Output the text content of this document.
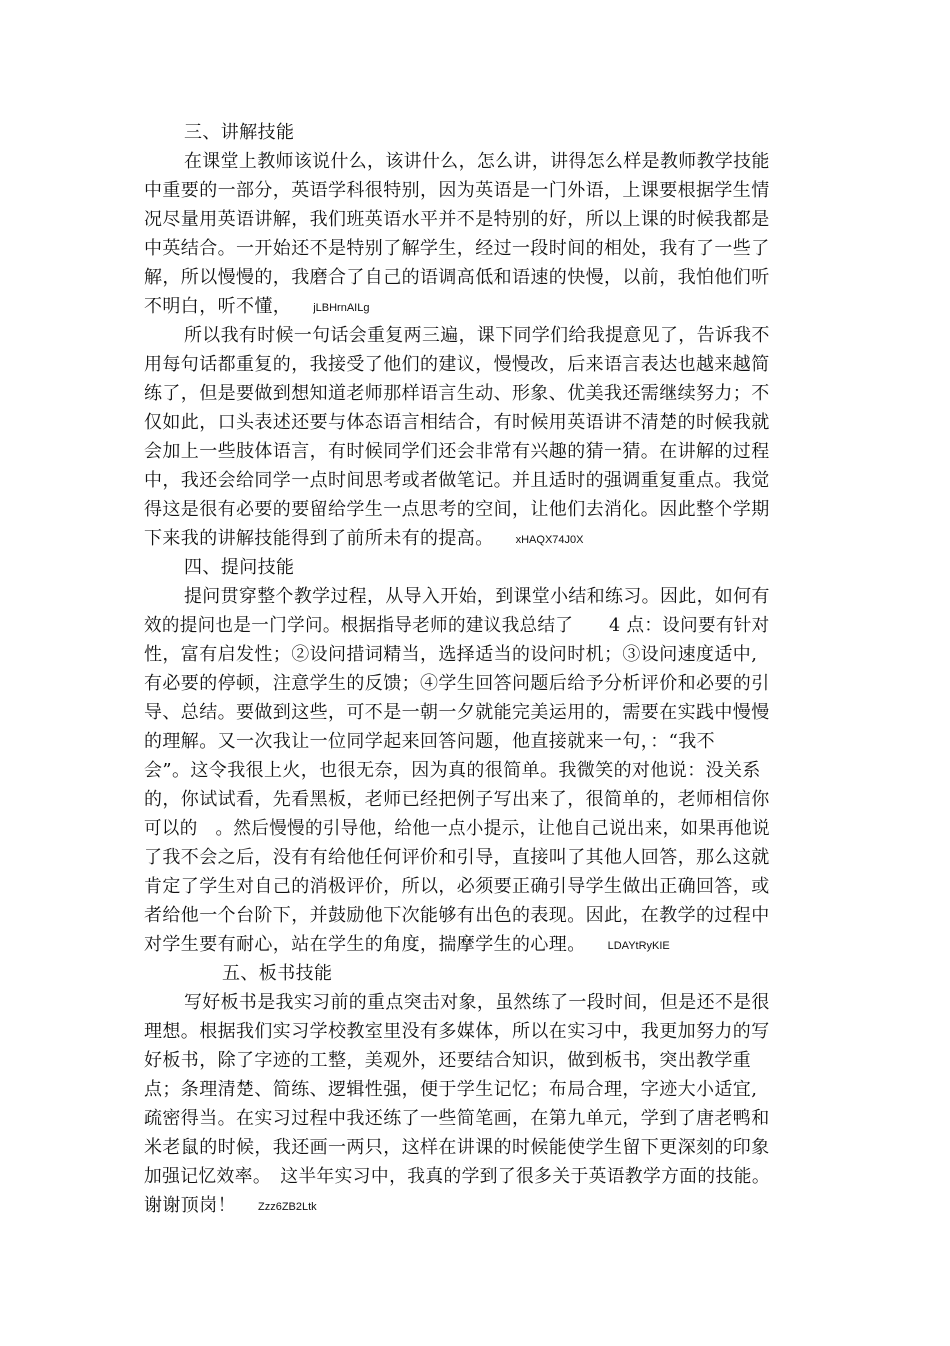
三、讲解技能
在课堂上教师该说什么，该讲什么，怎么讲，讲得怎么样是教师教学技能
中重要的一部分，英语学科很特别，因为英语是一门外语，上课要根据学生情
况尽量用英语讲解，我们班英语水平并不是特别的好，所以上课的时候我都是
中英结合。一开始还不是特别了解学生，经过一段时间的相处，我有了一些了
解，所以慢慢的，我磨合了自己的语调高低和语速的快慢，以前，我怕他们听
不明白，听不懂， jLBHrnAILg
所以我有时候一句话会重复两三遍，课下同学们给我提意见了，告诉我不
用每句话都重复的，我接受了他们的建议，慢慢改，后来语言表达也越来越简
练了，但是要做到想知道老师那样语言生动、形象、优美我还需继续努力；不
仅如此，口头表述还要与体态语言相结合，有时候用英语讲不清楚的时候我就
会加上一些肢体语言，有时候同学们还会非常有兴趣的猜一猜。在讲解的过程
中，我还会给同学一点时间思考或者做笔记。并且适时的强调重复重点。我觉
得这是很有必要的要留给学生一点思考的空间，让他们去消化。因此整个学期
下来我的讲解技能得到了前所未有的提高。 xHAQX74J0X
四、提问技能
提问贯穿整个教学过程，从导入开始，到课堂小结和练习。因此，如何有
效的提问也是一门学问。根据指导老师的建议我总结了　　4 点：设问要有针对
性，富有启发性；②设问措词精当，选择适当的设问时机；③设问速度适中,
有必要的停顿，注意学生的反馈；④学生回答问题后给予分析评价和必要的引
导、总结。要做到这些，可不是一朝一夕就能完美运用的，需要在实践中慢慢
的理解。又一次我让一位同学起来回答问题，他直接就来一句，：“我不
会”。这令我很上火，也很无奈，因为真的很简单。我微笑的对他说：没关系
的，你试试看，先看黑板，老师已经把例子写出来了，很简单的，老师相信你
可以的　。然后慢慢的引导他，给他一点小提示，让他自己说出来，如果再他说
了我不会之后，没有有给他任何评价和引导，直接叫了其他人回答，那么这就
肯定了学生对自己的消极评价，所以，必须要正确引导学生做出正确回答，或
者给他一个台阶下，并鼓励他下次能够有出色的表现。因此，在教学的过程中
对学生要有耐心，站在学生的角度，揣摩学生的心理。 LDAYtRyKIE
五、板书技能
写好板书是我实习前的重点突击对象，虽然练了一段时间，但是还不是很
理想。根据我们实习学校教室里没有多媒体，所以在实习中，我更加努力的写
好板书，除了字迹的工整，美观外，还要结合知识，做到板书，突出教学重
点；条理清楚、简练、逻辑性强，便于学生记忆；布局合理，字迹大小适宜,
疏密得当。在实习过程中我还练了一些简笔画，在第九单元，学到了唐老鸭和
米老鼠的时候，我还画一两只，这样在讲课的时候能使学生留下更深刻的印象
加强记忆效率。　这半年实习中，我真的学到了很多关于英语教学方面的技能。
谢谢顶岗！ Zzz6ZB2Ltk
